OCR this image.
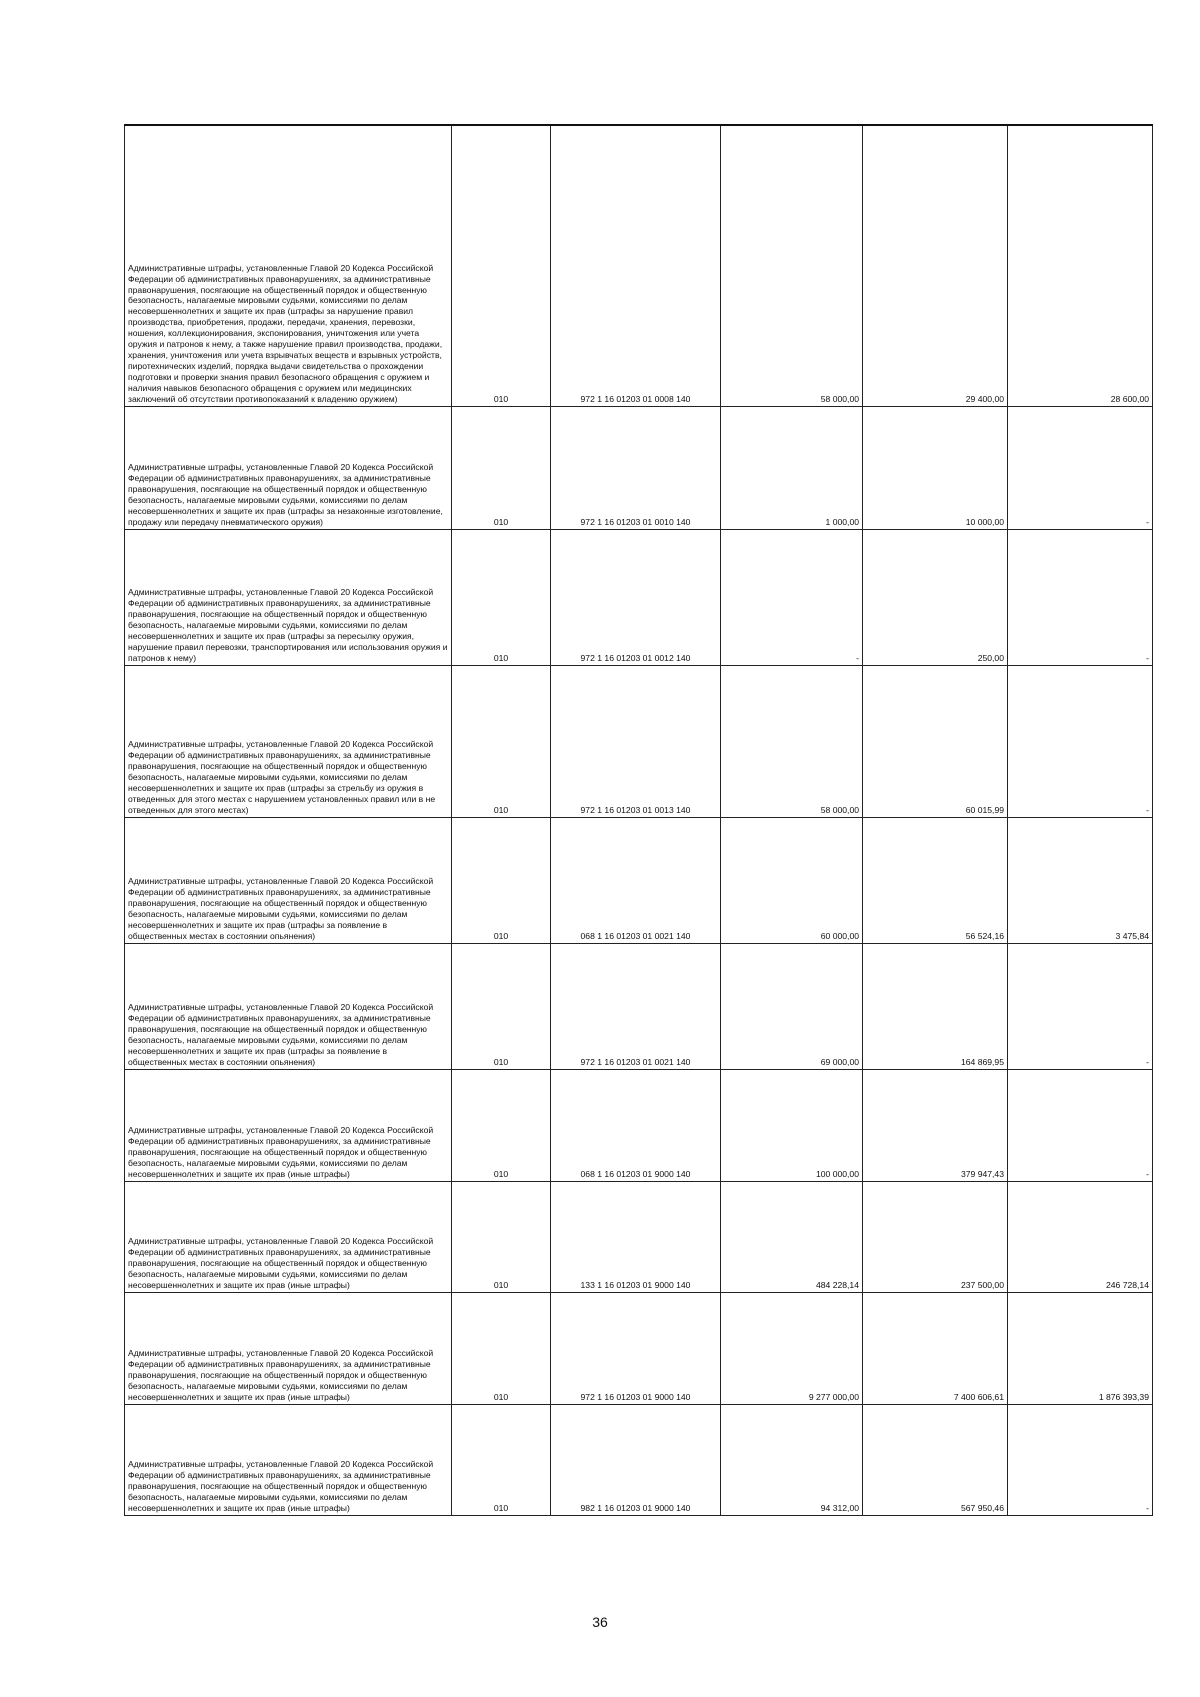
Административные штрафы, установленные Главой 20 Кодекса Российской Федерации об административных правонарушениях, за административные правонарушения, посягающие на общественный порядок и общественную безопасность, налагаемые мировыми судьями, комиссиями по делам несовершеннолетних и защите их прав (штрафы за нарушение правил производства, приобретения, продажи, передачи, хранения, перевозки, ношения, коллекционирования, экспонирования, уничтожения или учета оружия и патронов к нему, а также нарушение правил производства, продажи, хранения, уничтожения или учета взрывчатых веществ и взрывных устройств, пиротехнических изделий, порядка выдачи свидетельства о прохождении подготовки и проверки знания правил безопасного обращения с оружием и наличия навыков безопасного обращения с оружием или медицинских заключений об отсутствии противопоказаний к владению оружием)	010	972 1 16 01203 01 0008 140	58 000,00	29 400,00	28 600,00
Административные штрафы, установленные Главой 20 Кодекса Российской Федерации об административных правонарушениях, за административные правонарушения, посягающие на общественный порядок и общественную безопасность, налагаемые мировыми судьями, комиссиями по делам несовершеннолетних и защите их прав (штрафы за незаконные изготовление, продажу или передачу пневматического оружия)	010	972 1 16 01203 01 0010 140	1 000,00	10 000,00	-
Административные штрафы, установленные Главой 20 Кодекса Российской Федерации об административных правонарушениях, за административные правонарушения, посягающие на общественный порядок и общественную безопасность, налагаемые мировыми судьями, комиссиями по делам несовершеннолетних и защите их прав (штрафы за пересылку оружия, нарушение правил перевозки, транспортирования или использования оружия и патронов к нему)	010	972 1 16 01203 01 0012 140	-	250,00	-
Административные штрафы, установленные Главой 20 Кодекса Российской Федерации об административных правонарушениях, за административные правонарушения, посягающие на общественный порядок и общественную безопасность, налагаемые мировыми судьями, комиссиями по делам несовершеннолетних и защите их прав (штрафы за стрельбу из оружия в отведенных для этого местах с нарушением установленных правил или в не отведенных для этого местах)	010	972 1 16 01203 01 0013 140	58 000,00	60 015,99	-
Административные штрафы, установленные Главой 20 Кодекса Российской Федерации об административных правонарушениях, за административные правонарушения, посягающие на общественный порядок и общественную безопасность, налагаемые мировыми судьями, комиссиями по делам несовершеннолетних и защите их прав (штрафы за появление в общественных местах в состоянии опьянения)	010	068 1 16 01203 01 0021 140	60 000,00	56 524,16	3 475,84
Административные штрафы, установленные Главой 20 Кодекса Российской Федерации об административных правонарушениях, за административные правонарушения, посягающие на общественный порядок и общественную безопасность, налагаемые мировыми судьями, комиссиями по делам несовершеннолетних и защите их прав (штрафы за появление в общественных местах в состоянии опьянения)	010	972 1 16 01203 01 0021 140	69 000,00	164 869,95	-
Административные штрафы, установленные Главой 20 Кодекса Российской Федерации об административных правонарушениях, за административные правонарушения, посягающие на общественный порядок и общественную безопасность, налагаемые мировыми судьями, комиссиями по делам несовершеннолетних и защите их прав (иные штрафы)	010	068 1 16 01203 01 9000 140	100 000,00	379 947,43	-
Административные штрафы, установленные Главой 20 Кодекса Российской Федерации об административных правонарушениях, за административные правонарушения, посягающие на общественный порядок и общественную безопасность, налагаемые мировыми судьями, комиссиями по делам несовершеннолетних и защите их прав (иные штрафы)	010	133 1 16 01203 01 9000 140	484 228,14	237 500,00	246 728,14
Административные штрафы, установленные Главой 20 Кодекса Российской Федерации об административных правонарушениях, за административные правонарушения, посягающие на общественный порядок и общественную безопасность, налагаемые мировыми судьями, комиссиями по делам несовершеннолетних и защите их прав (иные штрафы)	010	972 1 16 01203 01 9000 140	9 277 000,00	7 400 606,61	1 876 393,39
Административные штрафы, установленные Главой 20 Кодекса Российской Федерации об административных правонарушениях, за административные правонарушения, посягающие на общественный порядок и общественную безопасность, налагаемые мировыми судьями, комиссиями по делам несовершеннолетних и защите их прав (иные штрафы)	010	982 1 16 01203 01 9000 140	94 312,00	567 950,46	-
36
